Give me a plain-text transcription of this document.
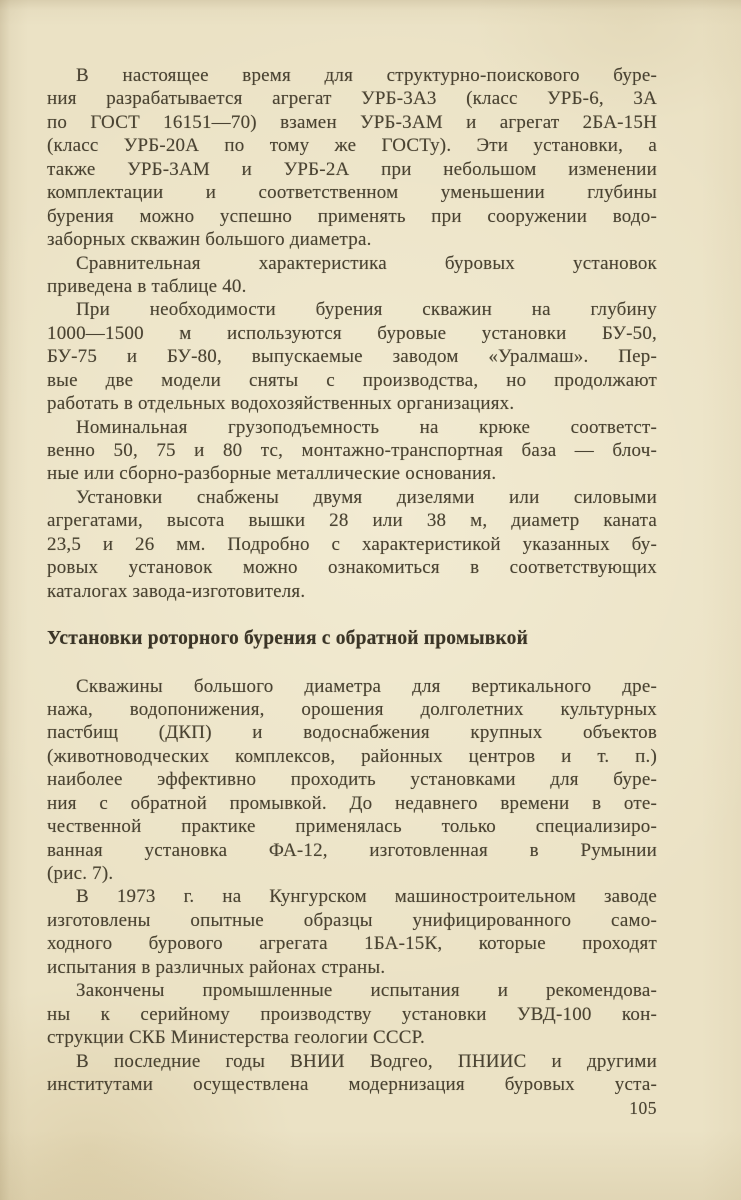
В настоящее время для структурно-поискового буре-
ния разрабатывается агрегат УРБ-3А3 (класс УРБ-6, 3А
по ГОСТ 16151—70) взамен УРБ-3АМ и агрегат 2БА-15Н
(класс УРБ-20А по тому же ГОСТу). Эти установки, а
также УРБ-3АМ и УРБ-2А при небольшом изменении
комплектации и соответственном уменьшении глубины
бурения можно успешно применять при сооружении водо-
заборных скважин большого диаметра.

Сравнительная характеристика буровых установок
приведена в таблице 40.

При необходимости бурения скважин на глубину
1000—1500 м используются буровые установки БУ-50,
БУ-75 и БУ-80, выпускаемые заводом «Уралмаш». Пер-
вые две модели сняты с производства, но продолжают
работать в отдельных водохозяйственных организациях.

Номинальная грузоподъемность на крюке соответст-
венно 50, 75 и 80 тс, монтажно-транспортная база — блоч-
ные или сборно-разборные металлические основания.

Установки снабжены двумя дизелями или силовыми
агрегатами, высота вышки 28 или 38 м, диаметр каната
23,5 и 26 мм. Подробно с характеристикой указанных бу-
ровых установок можно ознакомиться в соответствующих
каталогах завода-изготовителя.

Установки роторного бурения с обратной промывкой

Скважины большого диаметра для вертикального дре-
нажа, водопонижения, орошения долголетних культурных
пастбищ (ДКП) и водоснабжения крупных объектов
(животноводческих комплексов, районных центров и т. п.)
наиболее эффективно проходить установками для буре-
ния с обратной промывкой. До недавнего времени в оте-
чественной практике применялась только специализиро-
ванная установка ФА-12, изготовленная в Румынии
(рис. 7).

В 1973 г. на Кунгурском машиностроительном заводе
изготовлены опытные образцы унифицированного само-
ходного бурового агрегата 1БА-15К, которые проходят
испытания в различных районах страны.

Закончены промышленные испытания и рекомендова-
ны к серийному производству установки УВД-100 кон-
струкции СКБ Министерства геологии СССР.

В последние годы ВНИИ Водгео, ПНИИС и другими
институтами осуществлена модернизация буровых уста-

105
